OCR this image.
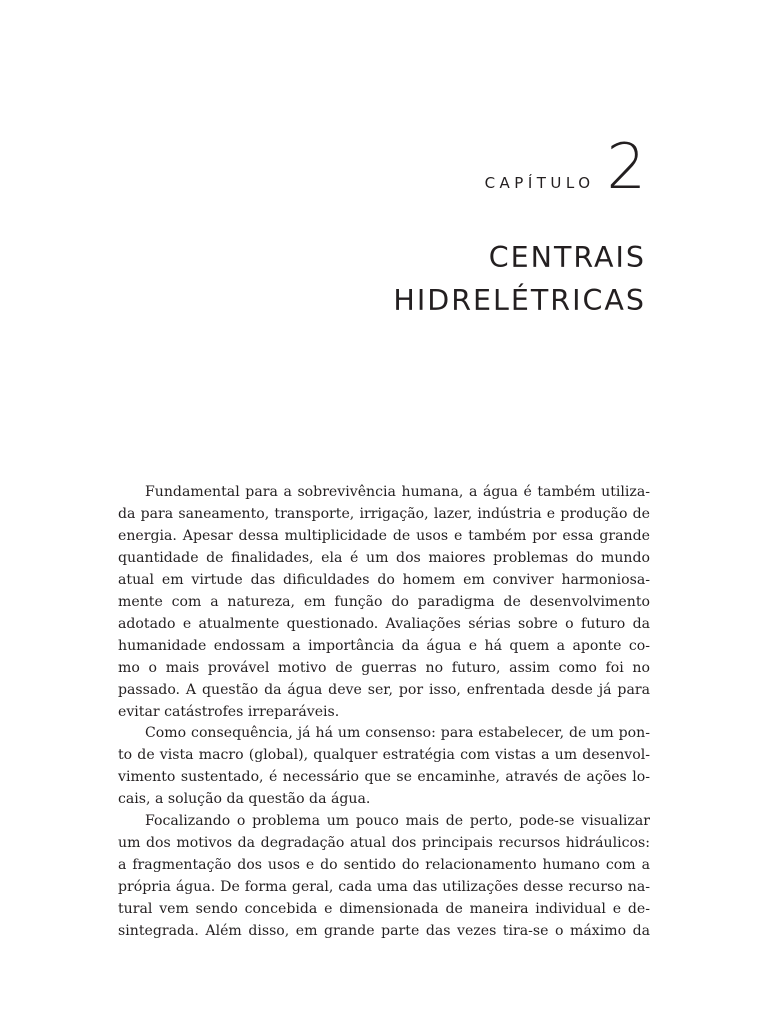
CAPÍTULO 2
CENTRAIS
HIDRELÉTRICAS
Fundamental para a sobrevivência humana, a água é também utiliza-
da para saneamento, transporte, irrigação, lazer, indústria e produção de
energia. Apesar dessa multiplicidade de usos e também por essa grande
quantidade de finalidades, ela é um dos maiores problemas do mundo
atual em virtude das dificuldades do homem em conviver harmoniosa-
mente com a natureza, em função do paradigma de desenvolvimento
adotado e atualmente questionado. Avaliações sérias sobre o futuro da
humanidade endossam a importância da água e há quem a aponte co-
mo o mais provável motivo de guerras no futuro, assim como foi no
passado. A questão da água deve ser, por isso, enfrentada desde já para
evitar catástrofes irreparáveis.
Como consequência, já há um consenso: para estabelecer, de um pon-
to de vista macro (global), qualquer estratégia com vistas a um desenvol-
vimento sustentado, é necessário que se encaminhe, através de ações lo-
cais, a solução da questão da água.
Focalizando o problema um pouco mais de perto, pode-se visualizar
um dos motivos da degradação atual dos principais recursos hidráulicos:
a fragmentação dos usos e do sentido do relacionamento humano com a
própria água. De forma geral, cada uma das utilizações desse recurso na-
tural vem sendo concebida e dimensionada de maneira individual e de-
sintegrada. Além disso, em grande parte das vezes tira-se o máximo da
